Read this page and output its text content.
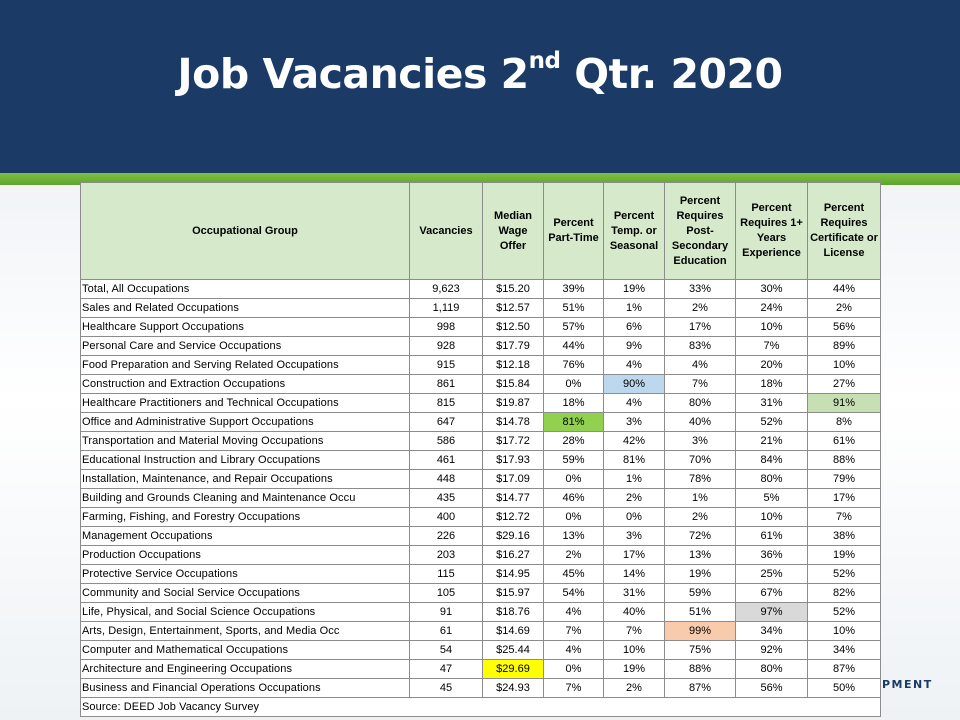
Job Vacancies 2nd Qtr. 2020
PMENT
Occupational Group	Vacancies	Median Wage Offer	Percent Part-Time	Percent Temp. or Seasonal	Percent Requires Post-Secondary Education	Percent Requires 1+ Years Experience	Percent Requires Certificate or License
Total, All Occupations	9,623	$15.20	39%	19%	33%	30%	44%
Sales and Related Occupations	1,119	$12.57	51%	1%	2%	24%	2%
Healthcare Support Occupations	998	$12.50	57%	6%	17%	10%	56%
Personal Care and Service Occupations	928	$17.79	44%	9%	83%	7%	89%
Food Preparation and Serving Related Occupations	915	$12.18	76%	4%	4%	20%	10%
Construction and Extraction Occupations	861	$15.84	0%	90%	7%	18%	27%
Healthcare Practitioners and Technical Occupations	815	$19.87	18%	4%	80%	31%	91%
Office and Administrative Support Occupations	647	$14.78	81%	3%	40%	52%	8%
Transportation and Material Moving Occupations	586	$17.72	28%	42%	3%	21%	61%
Educational Instruction and Library Occupations	461	$17.93	59%	81%	70%	84%	88%
Installation, Maintenance, and Repair Occupations	448	$17.09	0%	1%	78%	80%	79%
Building and Grounds Cleaning and Maintenance Occu	435	$14.77	46%	2%	1%	5%	17%
Farming, Fishing, and Forestry Occupations	400	$12.72	0%	0%	2%	10%	7%
Management Occupations	226	$29.16	13%	3%	72%	61%	38%
Production Occupations	203	$16.27	2%	17%	13%	36%	19%
Protective Service Occupations	115	$14.95	45%	14%	19%	25%	52%
Community and Social Service Occupations	105	$15.97	54%	31%	59%	67%	82%
Life, Physical, and Social Science Occupations	91	$18.76	4%	40%	51%	97%	52%
Arts, Design, Entertainment, Sports, and Media Occ	61	$14.69	7%	7%	99%	34%	10%
Computer and Mathematical Occupations	54	$25.44	4%	10%	75%	92%	34%
Architecture and Engineering Occupations	47	$29.69	0%	19%	88%	80%	87%
Business and Financial Operations Occupations	45	$24.93	7%	2%	87%	56%	50%
Source: DEED Job Vacancy Survey							
